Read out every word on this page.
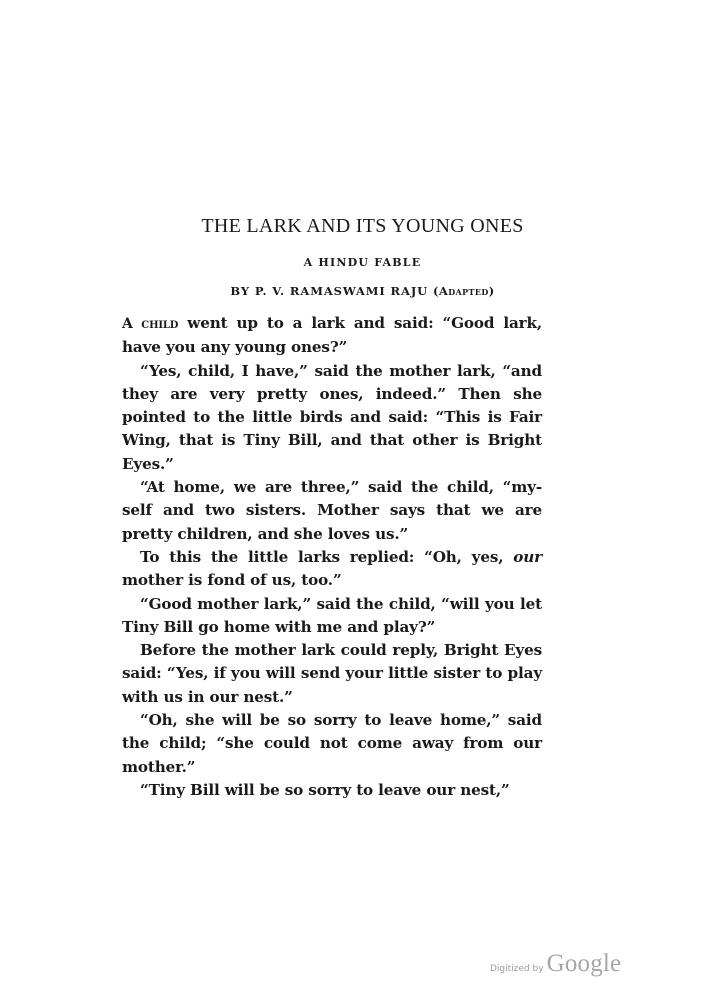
THE LARK AND ITS YOUNG ONES
A HINDU FABLE
BY P. V. RAMASWAMI RAJU (Adapted)

A child went up to a lark and said: “Good lark, have you any young ones?”

“Yes, child, I have,” said the mother lark, “and they are very pretty ones, indeed.” Then she pointed to the little birds and said: “This is Fair Wing, that is Tiny Bill, and that other is Bright Eyes.”

“At home, we are three,” said the child, “my-self and two sisters. Mother says that we are pretty children, and she loves us.”

To this the little larks replied: “Oh, yes, our mother is fond of us, too.”

“Good mother lark,” said the child, “will you let Tiny Bill go home with me and play?”

Before the mother lark could reply, Bright Eyes said: “Yes, if you will send your little sister to play with us in our nest.”

“Oh, she will be so sorry to leave home,” said the child; “she could not come away from our mother.”

“Tiny Bill will be so sorry to leave our nest,”

Digitized by Google
